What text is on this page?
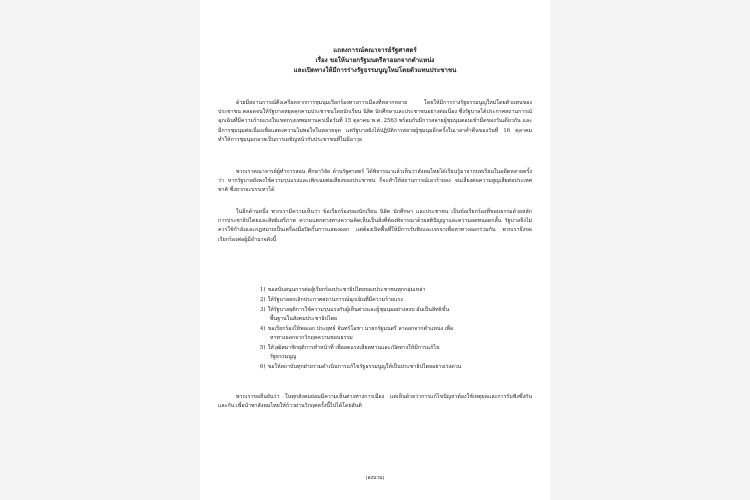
แถลงการณ์คณาจารย์รัฐศาสตร์
เรื่อง ขอให้นายกรัฐมนตรีลาออกจากตำแหน่ง
และเปิดทางให้มีการร่างรัฐธรรมนูญใหม่โดยตัวแทนประชาชน
ด้วยมีสถานการณ์ตึงเครียดจากการชุมนุมเรียกร้องทางการเมืองที่หลากหลาย โดยให้มีการร่างรัฐธรรมนูญใหม่โดยตัวแทนของประชาชน ตลอดจนให้รัฐบาลหยุดคุกคามประชาชนโดยนักเรียน นิสิต นักศึกษาและประชาชนอย่างต่อเนื่อง ซึ่งรัฐบาลได้ประกาศสถานการณ์ฉุกเฉินที่มีความร้ายแรงในเขตกรุงเทพมหานครเมื่อวันที่ 15 ตุลาคม พ.ศ. 2563 พร้อมกับมีการสลายผู้ชุมนุมตอนเช้ามืดของวันเดียวกัน และมีการชุมนุมต่อเนื่องเพื่อแสดงความไม่พอใจในหลายจุด แต่รัฐบาลยังได้ปฏิบัติการสลายผู้ชุมนุมอีกครั้งในเวลาค่ำคืนของวันที่ 16 ตุลาคม ทำให้การชุมนุมกลายเป็นการเผชิญหน้ากับประชาชนที่ไม่มีอาวุธ
พวกเราคณาจารย์ผู้ทำการสอน ศึกษาวิจัย ด้านรัฐศาสตร์ ได้พิจารณาแล้วเห็นว่าสังคมไทยได้เรียนรู้มาจากบทเรียนในอดีตหลายครั้งว่า หากรัฐบาลยังคงใช้ความรุนแรงและเพิกเฉยต่อเสียงของประชาชน ก็จะทำให้สถานการณ์เลวร้ายลง จนเสี่ยงต่อความสูญเสียต่อประเทศชาติ ซึ่งยากจะบรรเทาได้
ในอีกด้านหนึ่ง พวกเรามีความเห็นว่า ข้อเรียกร้องของนักเรียน นิสิต นักศึกษา และประชาชน เป็นข้อเรียกร้องที่ชอบธรรมด้วยหลักการประชาธิปไตยและสิทธิเสรีภาพ ความแตกต่างทางความคิดเห็นเป็นสิ่งที่ต้องพิจารณาด้วยสติปัญญาและความอดทนอดกลั้น รัฐบาลจึงไม่ควรใช้กำลังและกฎหมายเป็นเครื่องมือปิดกั้นการแสดงออก แต่ต้องเปิดพื้นที่ให้มีการรับฟังและเจรจาเพื่อหาทางออกร่วมกัน พวกเราจึงขอเรียกร้องต่อผู้มีอำนาจดังนี้
1) ขอสนับสนุนการต่อสู้เรียกร้องประชาธิปไตยของประชาชนทุกกลุ่มเหล่า
2) ให้รัฐบาลยกเลิกประกาศสถานการณ์ฉุกเฉินที่มีความร้ายแรง
3) ให้รัฐบาลยุติการใช้ความรุนแรงกับผู้เห็นต่างและผู้ชุมนุมอย่างสงบ อันเป็นสิทธิขั้น
พื้นฐานในสังคมประชาธิปไตย
4) ขอเรียกร้องให้พลเอก ประยุทธ์ จันทร์โอชา นายกรัฐมนตรี ลาออกจากตำแหน่ง เพื่อ
หาทางออกจากวิกฤตความชอบธรรม
5) ให้วุฒิสมาชิกยุติการทำหน้าที่ เพื่อลดแรงเสียดทานและเปิดทางให้มีการแก้ไข
รัฐธรรมนูญ
6) ขอให้สถาบันทุกฝ่ายร่วมดำเนินการแก้ไขรัฐธรรมนูญให้เป็นประชาธิปไตยอย่างเร่งด่วน
พวกเราขอยืนยันว่า ในทุกสังคมย่อมมีความเห็นต่างทางการเมือง แต่เห็นด้วยว่าการแก้ไขปัญหาต้องใช้เหตุผลและการรับฟังซึ่งกันและกัน เพื่อนำพาสังคมไทยให้ก้าวผ่านวิกฤตครั้งนี้ไปได้โดยสันติ
(ลงนาม)
